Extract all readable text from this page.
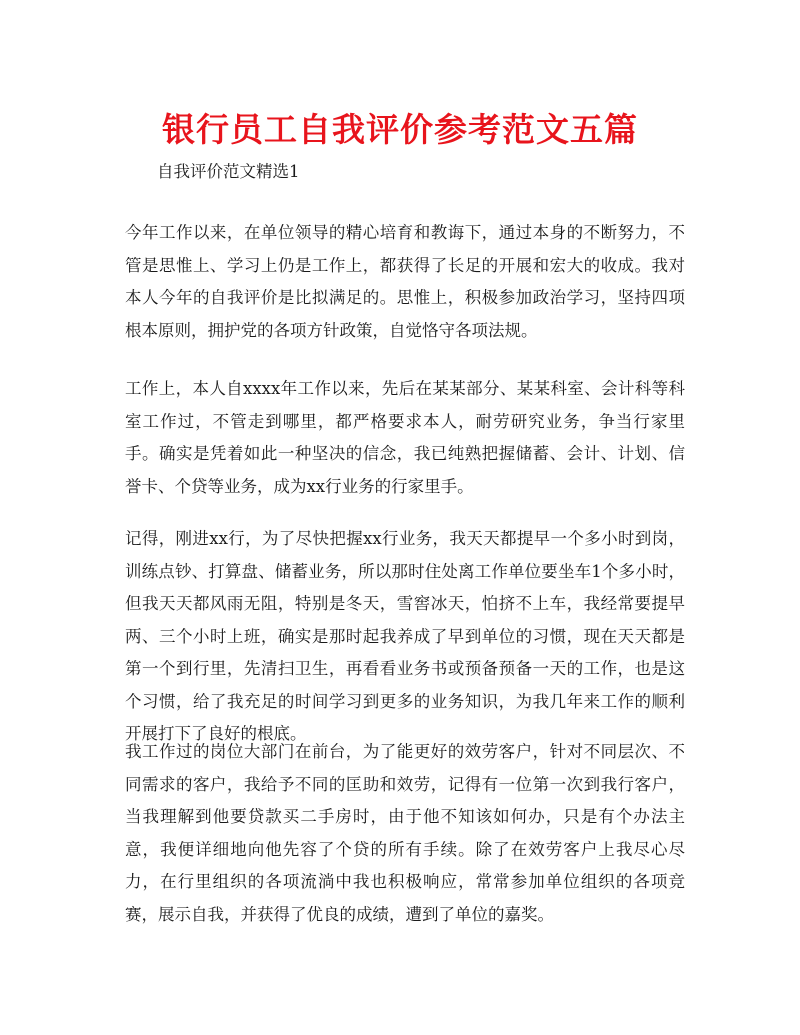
银行员工自我评价参考范文五篇
自我评价范文精选1

今年工作以来，在单位领导的精心培育和教诲下，通过本身的不断努力，不管是思惟上、学习上仍是工作上，都获得了长足的开展和宏大的收成。我对本人今年的自我评价是比拟满足的。思惟上，积极参加政治学习，坚持四项根本原则，拥护党的各项方针政策，自觉恪守各项法规。

工作上，本人自xxxx年工作以来，先后在某某部分、某某科室、会计科等科室工作过，不管走到哪里，都严格要求本人，耐劳研究业务，争当行家里手。确实是凭着如此一种坚决的信念，我已纯熟把握储蓄、会计、计划、信誉卡、个贷等业务，成为xx行业务的行家里手。

记得，刚进xx行，为了尽快把握xx行业务，我天天都提早一个多小时到岗，训练点钞、打算盘、储蓄业务，所以那时住处离工作单位要坐车1个多小时，但我天天都风雨无阻，特别是冬天，雪窖冰天，怕挤不上车，我经常要提早两、三个小时上班，确实是那时起我养成了早到单位的习惯，现在天天都是第一个到行里，先清扫卫生，再看看业务书或预备预备一天的工作，也是这个习惯，给了我充足的时间学习到更多的业务知识，为我几年来工作的顺利开展打下了良好的根底。

我工作过的岗位大部门在前台，为了能更好的效劳客户，针对不同层次、不同需求的客户，我给予不同的匡助和效劳，记得有一位第一次到我行客户，当我理解到他要贷款买二手房时，由于他不知该如何办，只是有个办法主意，我便详细地向他先容了个贷的所有手续。除了在效劳客户上我尽心尽力，在行里组织的各项流淌中我也积极响应，常常参加单位组织的各项竞赛，展示自我，并获得了优良的成绩，遭到了单位的嘉奖。
